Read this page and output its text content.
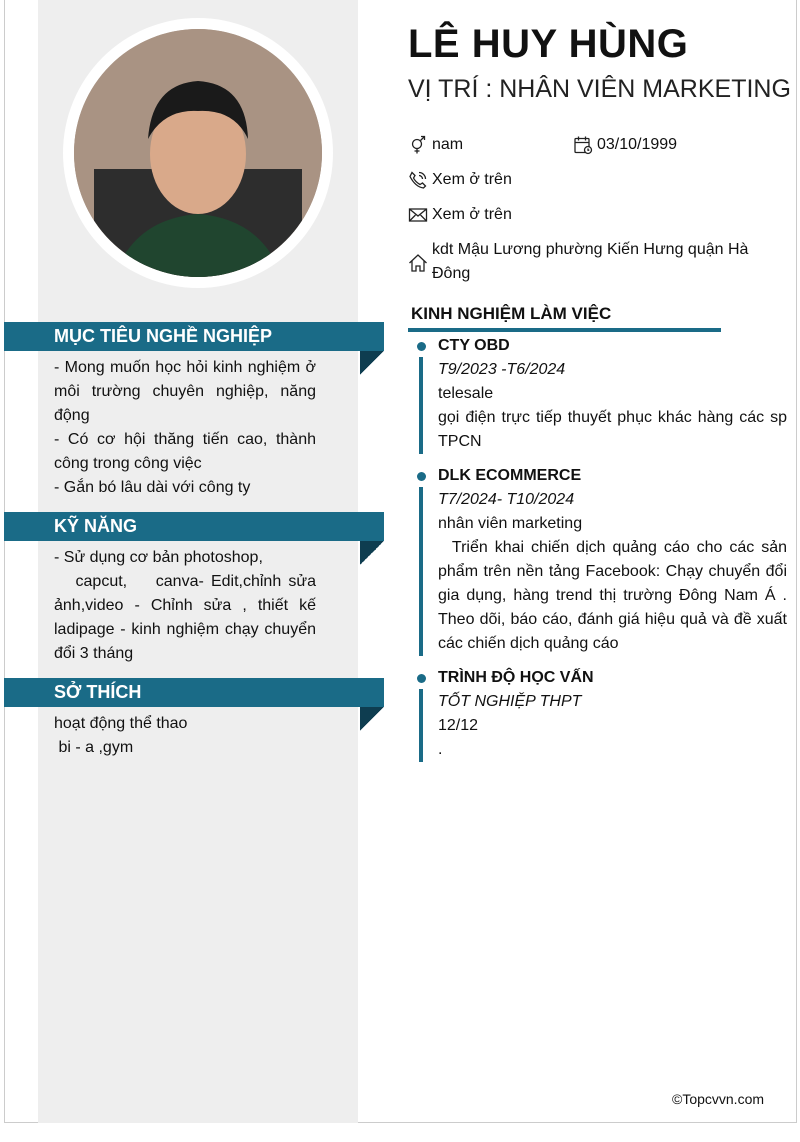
MỤC TIÊU NGHỀ NGHIỆP

- Mong muốn học hỏi kinh nghiệm ở môi trường chuyên nghiệp, năng động

- Có cơ hội thăng tiến cao, thành công trong công việc

- Gắn bó lâu dài với công ty

KỸ NĂNG

- Sử dụng cơ bản photoshop,

capcut,    canva- Edit,chỉnh sửa ảnh,video - Chỉnh sửa , thiết kế ladipage - kinh nghiệm chạy chuyển đổi 3 tháng

SỞ THÍCH

hoạt động thể thao

bi - a ,gym

LÊ HUY HÙNG
VỊ TRÍ : NHÂN VIÊN MARKETING
nam	03/10/1999
Xem ở trên
Xem ở trên
kdt Mậu Lương phường Kiến Hưng quận Hà Đông
KINH NGHIỆM LÀM VIỆC
CTY OBD
T9/2023 -T6/2024
telesale
gọi điện trực tiếp thuyết phục khác hàng các sp TPCN
DLK ECOMMERCE
T7/2024- T10/2024
nhân viên marketing
Triển khai chiến dịch quảng cáo cho các sản phẩm trên nền tảng Facebook: Chạy chuyển đổi gia dụng, hàng trend thị trường Đông Nam Á . Theo dõi, báo cáo, đánh giá hiệu quả và đề xuất các chiến dịch quảng cáo
TRÌNH ĐỘ HỌC VẤN
TỐT NGHIỆP THPT
12/12
.
©Topcvvn.com
